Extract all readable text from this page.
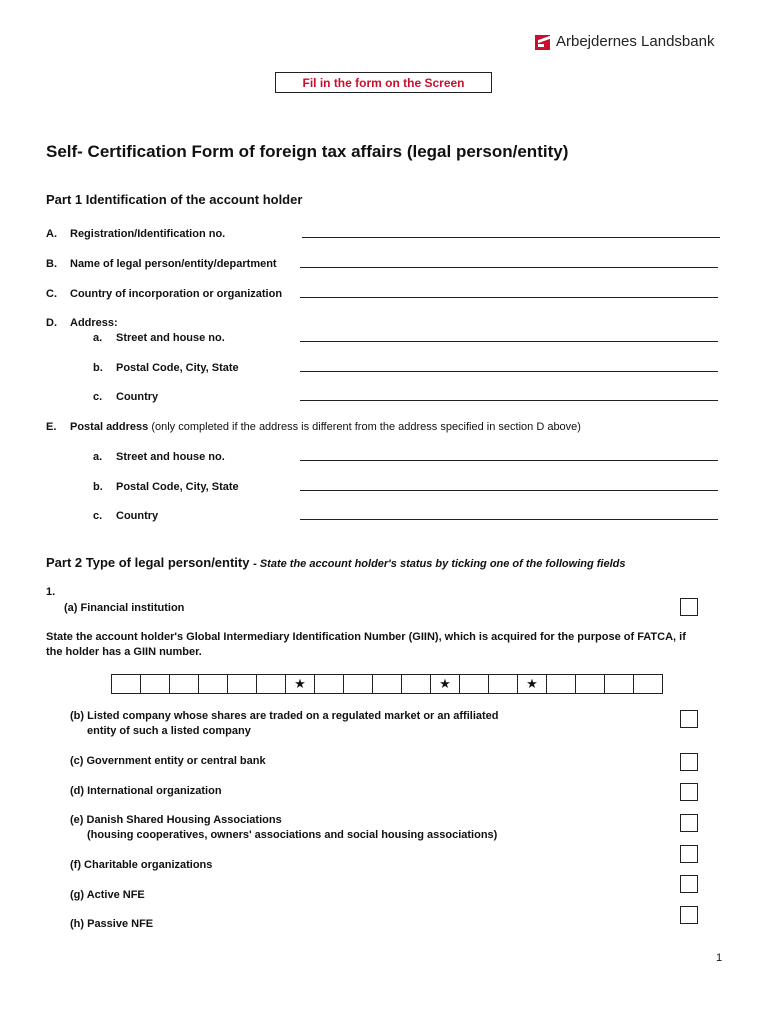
Arbejdernes Landsbank
Fil in the form on the Screen
Self- Certification Form of foreign tax affairs (legal person/entity)
Part 1 Identification of the account holder
A. Registration/Identification no.
B. Name of legal person/entity/department
C. Country of incorporation or organization
D. Address:
a. Street and house no.
b. Postal Code, City, State
c. Country
E. Postal address (only completed if the address is different from the address specified in section D above)
a. Street and house no.
b. Postal Code, City, State
c. Country
Part 2 Type of legal person/entity - State the account holder's status by ticking one of the following fields
1.
(a) Financial institution
State the account holder's Global Intermediary Identification Number (GIIN), which is acquired for the purpose of FATCA, if
the holder has a GIIN number.
★	★	★
(b) Listed company whose shares are traded on a regulated market or an affiliated
entity of such a listed company
(c) Government entity or central bank
(d) International organization
(e) Danish Shared Housing Associations
(housing cooperatives, owners' associations and social housing associations)
(f) Charitable organizations
(g) Active NFE
(h) Passive NFE
1
